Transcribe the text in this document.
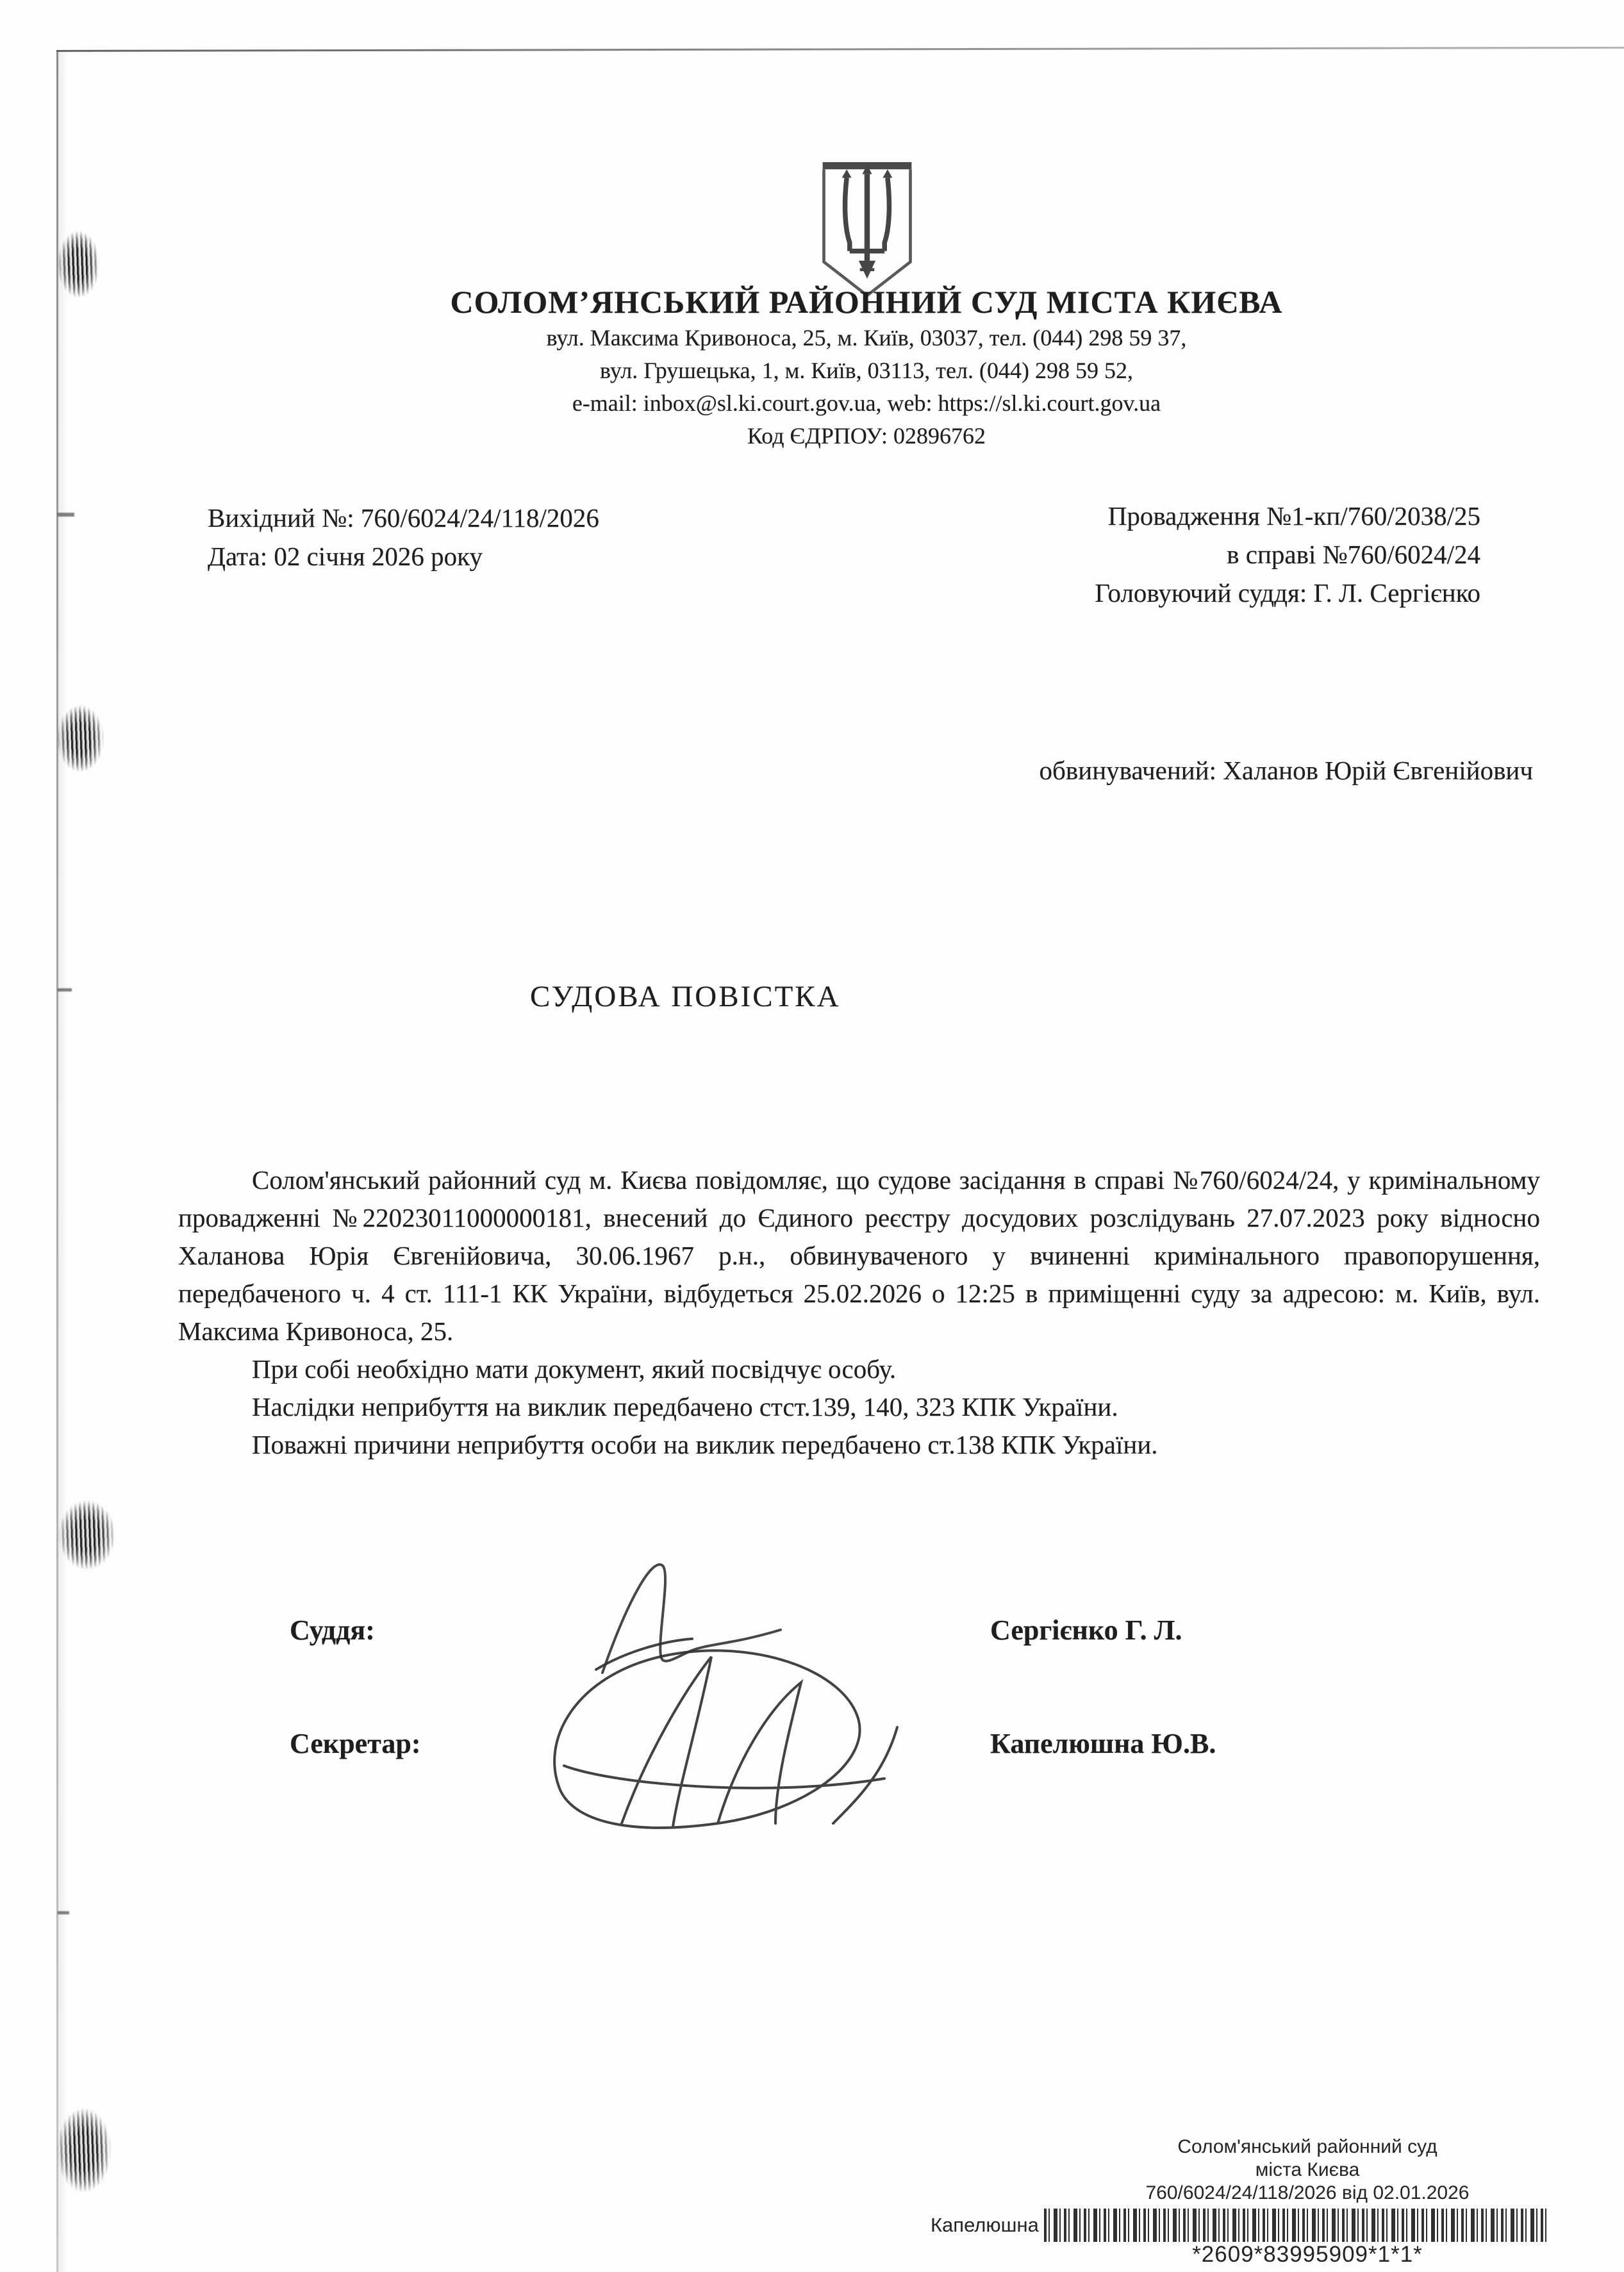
СОЛОМ’ЯНСЬКИЙ РАЙОННИЙ СУД МІСТА КИЄВА
вул. Максима Кривоноса, 25, м. Київ, 03037, тел. (044) 298 59 37,
вул. Грушецька, 1, м. Київ, 03113, тел. (044) 298 59 52,
e-mail: inbox@sl.ki.court.gov.ua, web: https://sl.ki.court.gov.ua
Код ЄДРПОУ: 02896762
Вихідний №: 760/6024/24/118/2026
Дата: 02 січня 2026 року
Провадження №1-кп/760/2038/25
в справі №760/6024/24
Головуючий суддя: Г. Л. Сергієнко
обвинувачений: Халанов Юрій Євгенійович
СУДОВА ПОВІСТКА

Солом'янський районний суд м. Києва повідомляє, що судове засідання в справі №760/6024/24, у кримінальному провадженні №22023011000000181, внесений до Єдиного реєстру досудових розслідувань 27.07.2023 року відносно Халанова Юрія Євгенійовича, 30.06.1967 р.н., обвинуваченого у вчиненні кримінального правопорушення, передбаченого ч. 4 ст. 111-1 КК України, відбудеться 25.02.2026 о 12:25 в приміщенні суду за адресою: м. Київ, вул. Максима Кривоноса, 25.

При собі необхідно мати документ, який посвідчує особу.

Наслідки неприбуття на виклик передбачено стст.139, 140, 323 КПК України.

Поважні причини неприбуття особи на виклик передбачено ст.138 КПК України.

Суддя:	Сергієнко Г. Л.
Секретар:	Капелюшна Ю.В.
Солом'янський районний суд
міста Києва
760/6024/24/118/2026 від 02.01.2026
Капелюшна
*2609*83995909*1*1*
